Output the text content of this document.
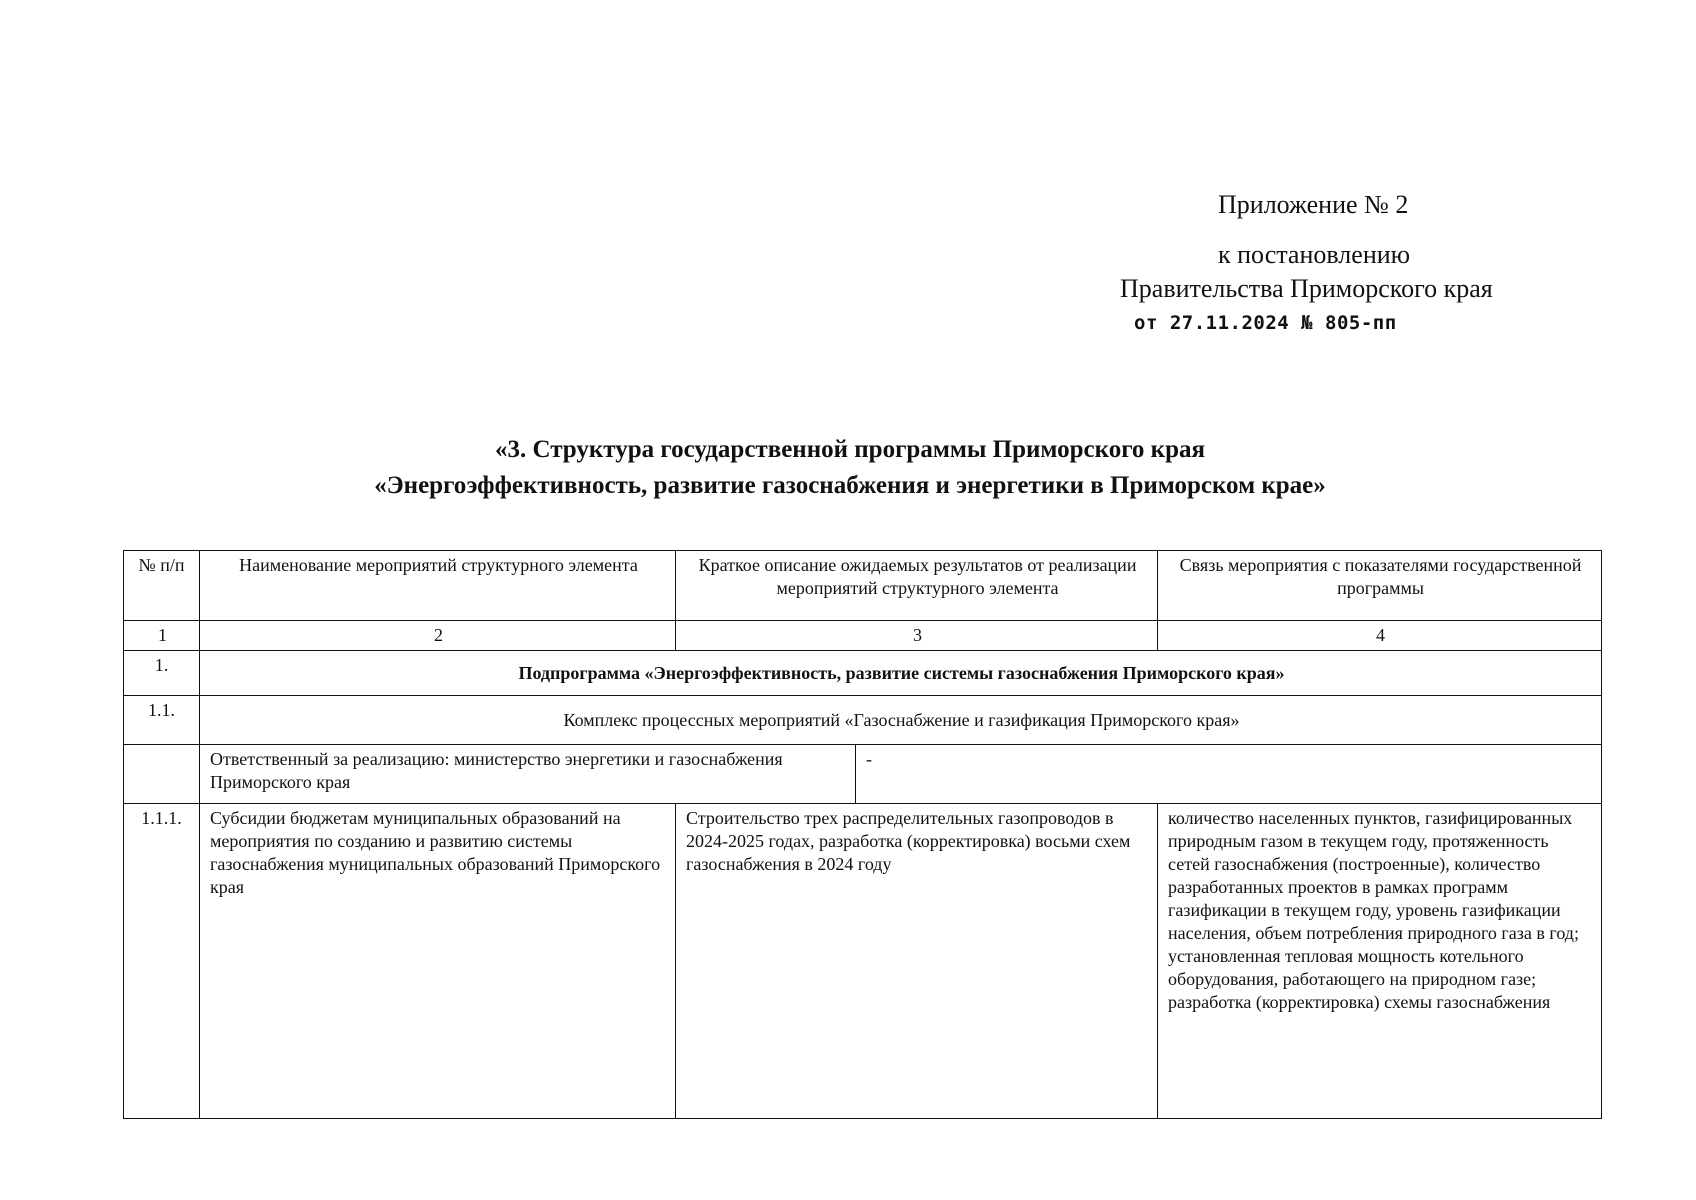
Приложение № 2
к постановлению
Правительства Приморского края
от 27.11.2024 № 805-пп
«3. Структура государственной программы Приморского края
«Энергоэффективность, развитие газоснабжения и энергетики в Приморском крае»
№ п/п	Наименование мероприятий структурного элемента	Краткое описание ожидаемых результатов от реализации мероприятий структурного элемента		Связь мероприятия с показателями государственной программы
1	2	3		4
1.	Подпрограмма «Энергоэффективность, развитие системы газоснабжения Приморского края»			
1.1.	Комплекс процессных мероприятий «Газоснабжение и газификация Приморского края»			
	Ответственный за реализацию: министерство энергетики и газоснабжения Приморского края		-	
1.1.1.	Субсидии бюджетам муниципальных образований на мероприятия по созданию и развитию системы газоснабжения муниципальных образований Приморского края	Строительство трех распределительных газопроводов в 2024-2025 годах, разработка (корректировка) восьми схем газоснабжения в 2024 году		количество населенных пунктов, газифицированных природным газом в текущем году, протяженность сетей газоснабжения (построенные), количество разработанных проектов в рамках программ газификации в текущем году, уровень газификации населения, объем потребления природного газа в год; установленная тепловая мощность котельного оборудования, работающего на природном газе; разработка (корректировка) схемы газоснабжения
